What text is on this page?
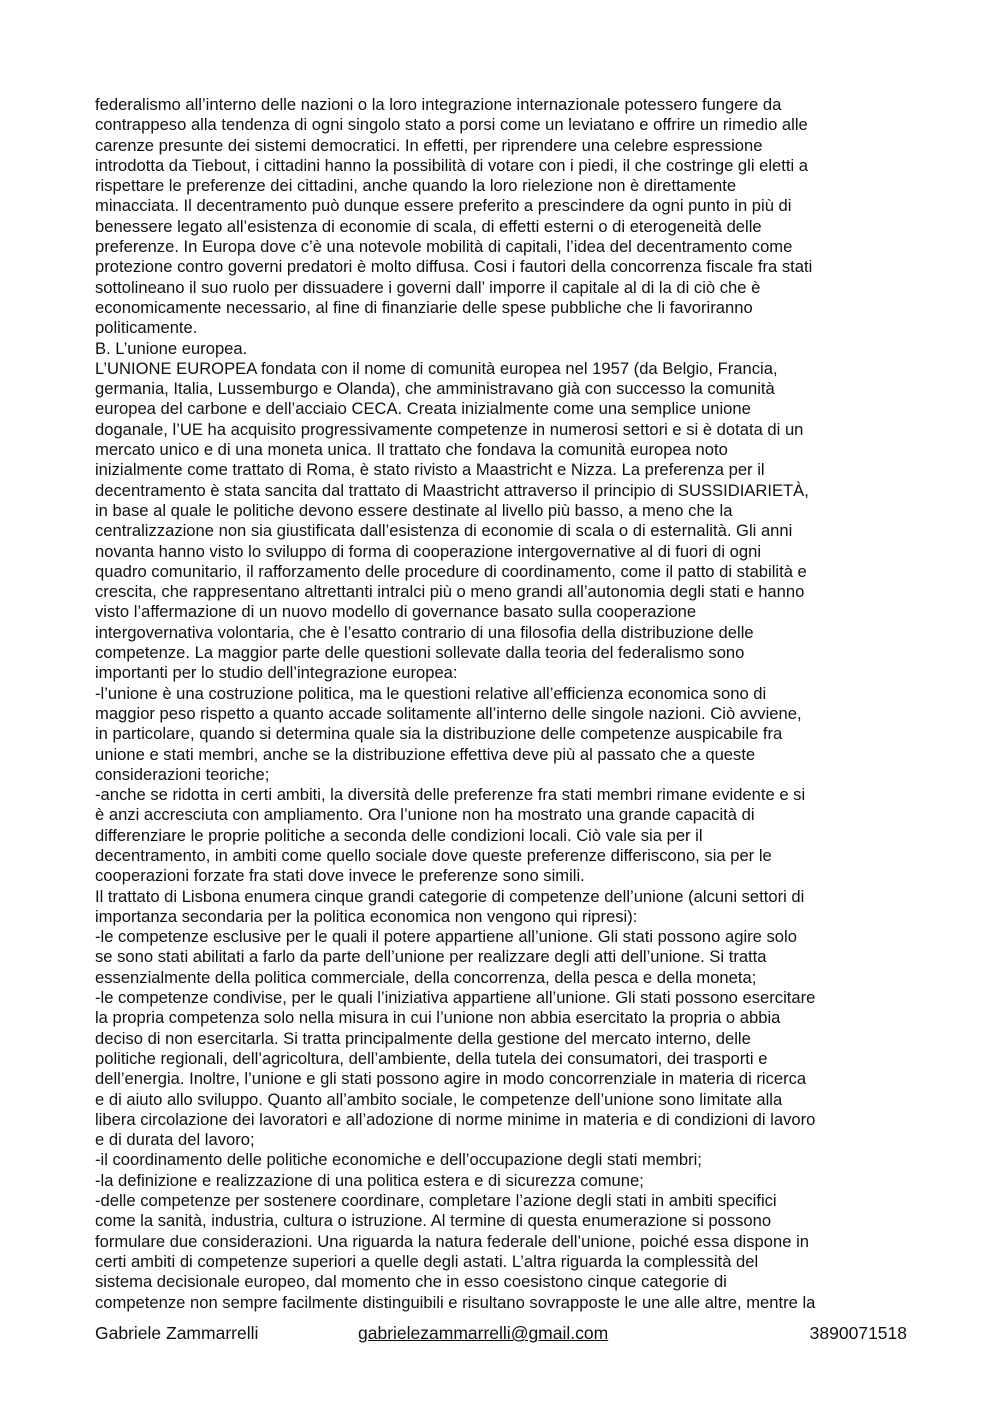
federalismo all’interno delle nazioni o la loro integrazione internazionale potessero fungere da
contrappeso alla tendenza di ogni singolo stato a porsi come un leviatano e offrire un rimedio alle
carenze presunte dei sistemi democratici. In effetti, per riprendere una celebre espressione
introdotta da Tiebout, i cittadini hanno la possibilità di votare con i piedi, il che costringe gli eletti a
rispettare le preferenze dei cittadini, anche quando la loro rielezione non è direttamente
minacciata. Il decentramento può dunque essere preferito a prescindere da ogni punto in più di
benessere legato all’esistenza di economie di scala, di effetti esterni o di eterogeneità delle
preferenze. In Europa dove c’è una notevole mobilità di capitali, l’idea del decentramento come
protezione contro governi predatori è molto diffusa. Cosi i fautori della concorrenza fiscale fra stati
sottolineano il suo ruolo per dissuadere i governi dall’ imporre il capitale al di la di ciò che è
economicamente necessario, al fine di finanziarie delle spese pubbliche che li favoriranno
politicamente.
B. L’unione europea.
L’UNIONE EUROPEA fondata con il nome di comunità europea nel 1957 (da Belgio, Francia,
germania, Italia, Lussemburgo e Olanda), che amministravano già con successo la comunità
europea del carbone e dell’acciaio CECA. Creata inizialmente come una semplice unione
doganale, l’UE ha acquisito progressivamente competenze in numerosi settori e si è dotata di un
mercato unico e di una moneta unica. Il trattato che fondava la comunità europea noto
inizialmente come trattato di Roma, è stato rivisto a Maastricht e Nizza. La preferenza per il
decentramento è stata sancita dal trattato di Maastricht attraverso il principio di SUSSIDIARIETÀ,
in base al quale le politiche devono essere destinate al livello più basso, a meno che la
centralizzazione non sia giustificata dall’esistenza di economie di scala o di esternalità. Gli anni
novanta hanno visto lo sviluppo di forma di cooperazione intergovernative al di fuori di ogni
quadro comunitario, il rafforzamento delle procedure di coordinamento, come il patto di stabilità e
crescita, che rappresentano altrettanti intralci più o meno grandi all’autonomia degli stati e hanno
visto l’affermazione di un nuovo modello di governance basato sulla cooperazione
intergovernativa volontaria, che è l’esatto contrario di una filosofia della distribuzione delle
competenze. La maggior parte delle questioni sollevate dalla teoria del federalismo sono
importanti per lo studio dell’integrazione europea:
-l’unione è una costruzione politica, ma le questioni relative all’efficienza economica sono di
maggior peso rispetto a quanto accade solitamente all’interno delle singole nazioni. Ciò avviene,
in particolare, quando si determina quale sia la distribuzione delle competenze auspicabile fra
unione e stati membri, anche se la distribuzione effettiva deve più al passato che a queste
considerazioni teoriche;
-anche se ridotta in certi ambiti, la diversità delle preferenze fra stati membri rimane evidente e si
è anzi accresciuta con ampliamento. Ora l’unione non ha mostrato una grande capacità di
differenziare le proprie politiche a seconda delle condizioni locali. Ciò vale sia per il
decentramento, in ambiti come quello sociale dove queste preferenze differiscono, sia per le
cooperazioni forzate fra stati dove invece le preferenze sono simili.
Il trattato di Lisbona enumera cinque grandi categorie di competenze dell’unione (alcuni settori di
importanza secondaria per la politica economica non vengono qui ripresi):
-le competenze esclusive per le quali il potere appartiene all’unione. Gli stati possono agire solo
se sono stati abilitati a farlo da parte dell’unione per realizzare degli atti dell’unione. Si tratta
essenzialmente della politica commerciale, della concorrenza, della pesca e della moneta;
-le competenze condivise, per le quali l’iniziativa appartiene all’unione. Gli stati possono esercitare
la propria competenza solo nella misura in cui l’unione non abbia esercitato la propria o abbia
deciso di non esercitarla. Si tratta principalmente della gestione del mercato interno, delle
politiche regionali, dell’agricoltura, dell’ambiente, della tutela dei consumatori, dei trasporti e
dell’energia. Inoltre, l’unione e gli stati possono agire in modo concorrenziale in materia di ricerca
e di aiuto allo sviluppo. Quanto all’ambito sociale, le competenze dell’unione sono limitate alla
libera circolazione dei lavoratori e all’adozione di norme minime in materia e di condizioni di lavoro
e di durata del lavoro;
-il coordinamento delle politiche economiche e dell’occupazione degli stati membri;
-la definizione e realizzazione di una politica estera e di sicurezza comune;
-delle competenze per sostenere coordinare, completare l’azione degli stati in ambiti specifici
come la sanità, industria, cultura o istruzione. Al termine di questa enumerazione si possono
formulare due considerazioni. Una riguarda la natura federale dell’unione, poiché essa dispone in
certi ambiti di competenze superiori a quelle degli astati. L’altra riguarda la complessità del
sistema decisionale europeo, dal momento che in esso coesistono cinque categorie di
competenze non sempre facilmente distinguibili e risultano sovrapposte le une alle altre, mentre la
Gabriele Zammarrelli	gabrielezammarrelli@gmail.com	3890071518
